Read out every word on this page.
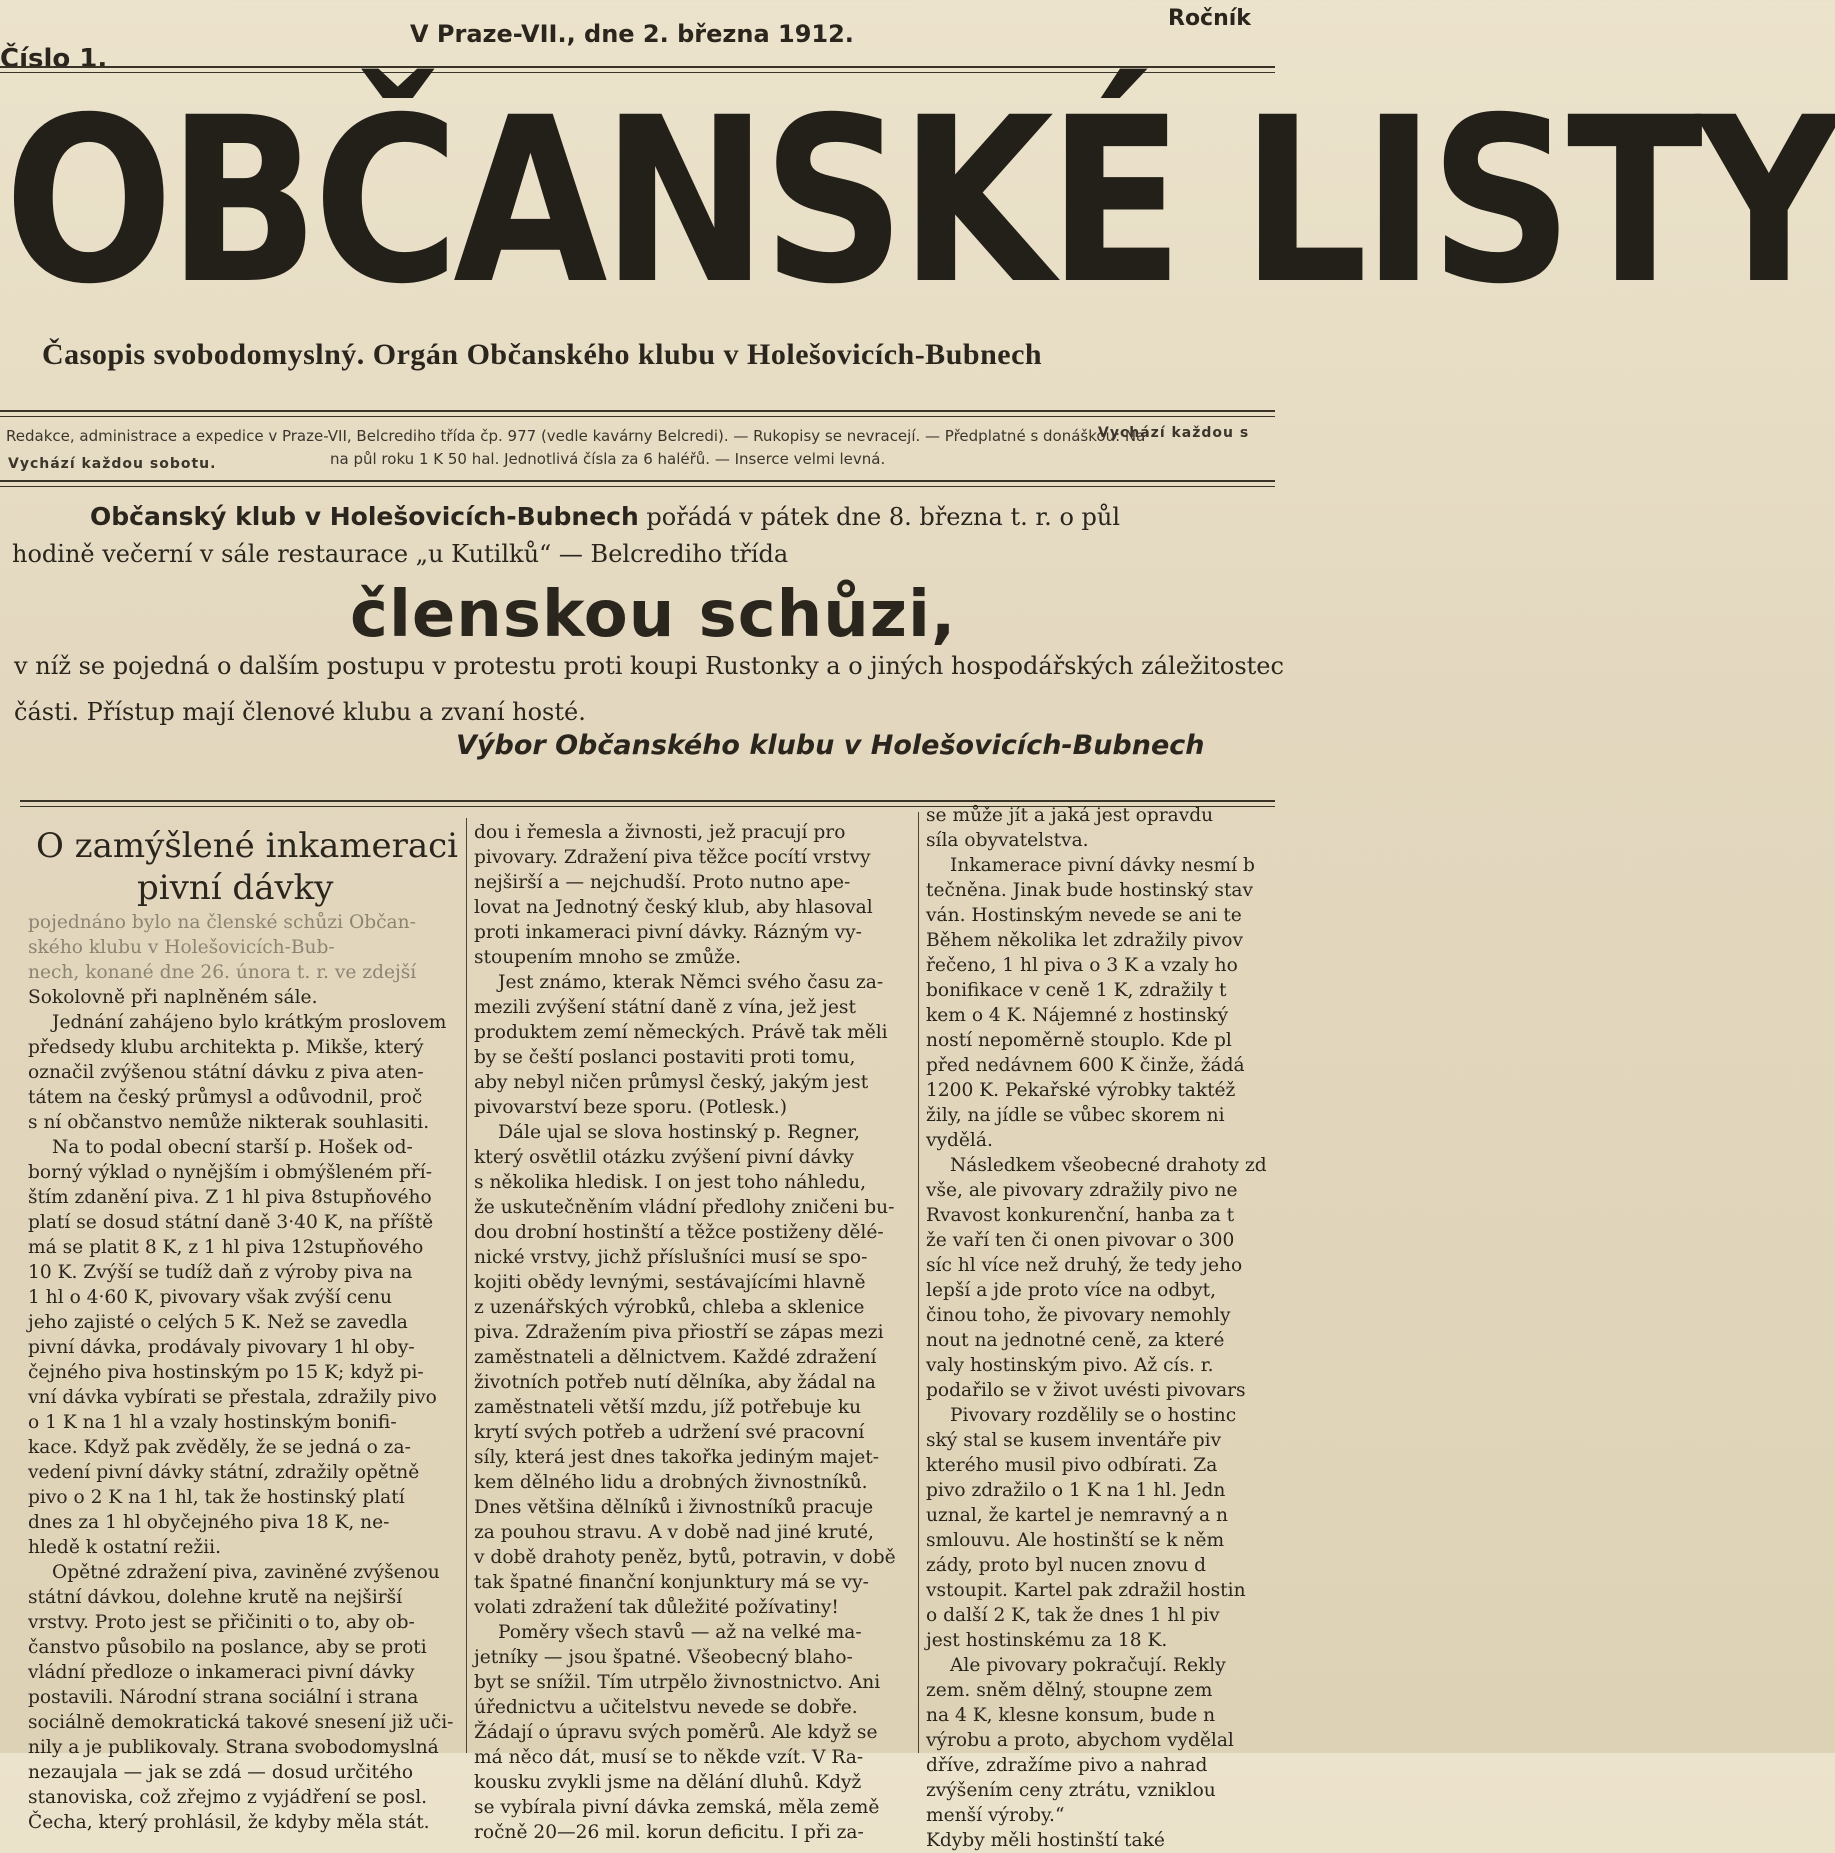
Číslo 1.
V Praze-VII., dne 2. března 1912.
Ročník
OBČANSKÉ LISTY
Časopis svobodomyslný. Orgán Občanského klubu v Holešovicích-Bubnech
Redakce, administrace a expedice v Praze-VII, Belcrediho třída čp. 977 (vedle kavárny Belcredi). — Rukopisy se nevracejí. — Předplatné s donáškou: Na
Vychází každou sobotu.	na půl roku 1 K 50 hal. Jednotlivá čísla za 6 haléřů. — Inserce velmi levná.
Vychází každou s
Občanský klub v Holešovicích-Bubnech pořádá v pátek dne 8. března t. r. o půl
hodině večerní v sále restaurace „u Kutilků“ — Belcrediho třída
členskou schůzi,
v níž se pojedná o dalším postupu v protestu proti koupi Rustonky a o jiných hospodářských záležitostec
části. Přístup mají členové klubu a zvaní hosté.
Výbor Občanského klubu v Holešovicích-Bubnech
O zamýšlené inkameraci
pivní dávky
pojednáno bylo na členské schůzi Občan-
ského klubu v Holešovicích-Bub-
nech, konané dne 26. února t. r. ve zdejší
Sokolovně při naplněném sále.
Jednání zahájeno bylo krátkým proslovem
předsedy klubu architekta p. Mikše, který
označil zvýšenou státní dávku z piva aten-
tátem na český průmysl a odůvodnil, proč
s ní občanstvo nemůže nikterak souhlasiti.
Na to podal obecní starší p. Hošek od-
borný výklad o nynějším i obmýšleném pří-
štím zdanění piva. Z 1 hl piva 8stupňového
platí se dosud státní daně 3·40 K, na příště
má se platit 8 K, z 1 hl piva 12stupňového
10 K. Zvýší se tudíž daň z výroby piva na
1 hl o 4·60 K, pivovary však zvýší cenu
jeho zajisté o celých 5 K. Než se zavedla
pivní dávka, prodávaly pivovary 1 hl oby-
čejného piva hostinským po 15 K; když pi-
vní dávka vybírati se přestala, zdražily pivo
o 1 K na 1 hl a vzaly hostinským bonifi-
kace. Když pak zvěděly, že se jedná o za-
vedení pivní dávky státní, zdražily opětně
pivo o 2 K na 1 hl, tak že hostinský platí
dnes za 1 hl obyčejného piva 18 K, ne-
hledě k ostatní režii.
Opětné zdražení piva, zaviněné zvýšenou
státní dávkou, dolehne krutě na nejširší
vrstvy. Proto jest se přičiniti o to, aby ob-
čanstvo působilo na poslance, aby se proti
vládní předloze o inkameraci pivní dávky
postavili. Národní strana sociální i strana
sociálně demokratická takové snesení již uči-
nily a je publikovaly. Strana svobodomyslná
nezaujala — jak se zdá — dosud určitého
stanoviska, což zřejmo z vyjádření se posl.
Čecha, který prohlásil, že kdyby měla stát.
dou i řemesla a živnosti, jež pracují pro
pivovary. Zdražení piva těžce pocítí vrstvy
nejširší a — nejchudší. Proto nutno ape-
lovat na Jednotný český klub, aby hlasoval
proti inkameraci pivní dávky. Rázným vy-
stoupením mnoho se zmůže.
Jest známo, kterak Němci svého času za-
mezili zvýšení státní daně z vína, jež jest
produktem zemí německých. Právě tak měli
by se čeští poslanci postaviti proti tomu,
aby nebyl ničen průmysl český, jakým jest
pivovarství beze sporu. (Potlesk.)
Dále ujal se slova hostinský p. Regner,
který osvětlil otázku zvýšení pivní dávky
s několika hledisk. I on jest toho náhledu,
že uskutečněním vládní předlohy zničeni bu-
dou drobní hostinští a těžce postiženy dělé-
nické vrstvy, jichž příslušníci musí se spo-
kojiti obědy levnými, sestávajícími hlavně
z uzenářských výrobků, chleba a sklenice
piva. Zdražením piva přiostří se zápas mezi
zaměstnateli a dělnictvem. Každé zdražení
životních potřeb nutí dělníka, aby žádal na
zaměstnateli větší mzdu, jíž potřebuje ku
krytí svých potřeb a udržení své pracovní
síly, která jest dnes takořka jediným majet-
kem dělného lidu a drobných živnostníků.
Dnes většina dělníků i živnostníků pracuje
za pouhou stravu. A v době nad jiné kruté,
v době drahoty peněz, bytů, potravin, v době
tak špatné finanční konjunktury má se vy-
volati zdražení tak důležité požívatiny!
Poměry všech stavů — až na velké ma-
jetníky — jsou špatné. Všeobecný blaho-
byt se snížil. Tím utrpělo živnostnictvo. Ani
úřednictvu a učitelstvu nevede se dobře.
Žádají o úpravu svých poměrů. Ale když se
má něco dát, musí se to někde vzít. V Ra-
kousku zvykli jsme na dělání dluhů. Když
se vybírala pivní dávka zemská, měla země
ročně 20—26 mil. korun deficitu. I při za-
se může jít a jaká jest opravdu
síla obyvatelstva.
Inkamerace pivní dávky nesmí b
tečněna. Jinak bude hostinský stav
ván. Hostinským nevede se ani te
Během několika let zdražily pivov
řečeno, 1 hl piva o 3 K a vzaly ho
bonifikace v ceně 1 K, zdražily t
kem o 4 K. Nájemné z hostinský
ností nepoměrně stouplo. Kde pl
před nedávnem 600 K činže, žádá
1200 K. Pekařské výrobky taktéž
žily, na jídle se vůbec skorem ni
vydělá.
Následkem všeobecné drahoty zd
vše, ale pivovary zdražily pivo ne
Rvavost konkurenční, hanba za t
že vaří ten či onen pivovar o 300
síc hl více než druhý, že tedy jeho
lepší a jde proto více na odbyt,
činou toho, že pivovary nemohly
nout na jednotné ceně, za které
valy hostinským pivo. Až cís. r.
podařilo se v život uvésti pivovars
Pivovary rozdělily se o hostinc
ský stal se kusem inventáře piv
kterého musil pivo odbírati. Za
pivo zdražilo o 1 K na 1 hl. Jedn
uznal, že kartel je nemravný a n
smlouvu. Ale hostinští se k něm
zády, proto byl nucen znovu d
vstoupit. Kartel pak zdražil hostin
o další 2 K, tak že dnes 1 hl piv
jest hostinskému za 18 K.
Ale pivovary pokračují. Rekly
zem. sněm dělný, stoupne zem
na 4 K, klesne konsum, bude n
výrobu a proto, abychom vydělal
dříve, zdražíme pivo a nahrad
zvýšením ceny ztrátu, vzniklou
menší výroby.“
Kdyby měli hostinští také
